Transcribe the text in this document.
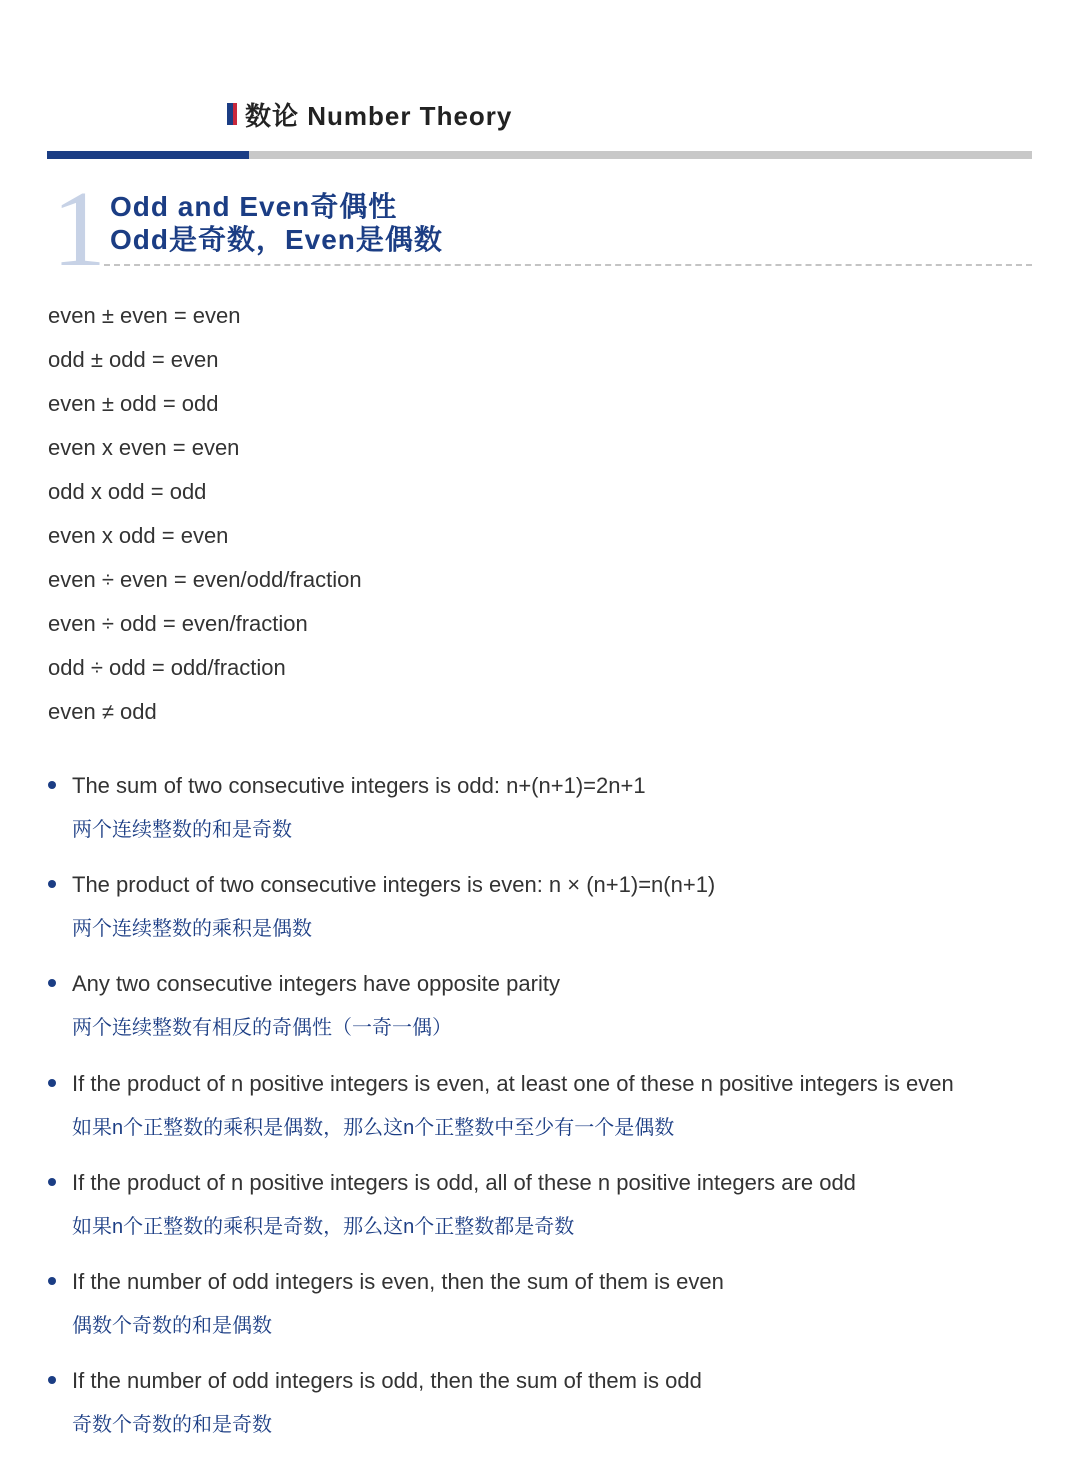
数论 Number Theory
1 Odd and Even奇偶性
Odd是奇数，Even是偶数
even ± even = even
odd ± odd = even
even ± odd = odd
even x even = even
odd x odd = odd
even x odd = even
even ÷ even = even/odd/fraction
even ÷ odd = even/fraction
odd ÷ odd = odd/fraction
even ≠ odd
The sum of two consecutive integers is odd: n+(n+1)=2n+1
两个连续整数的和是奇数
The product of two consecutive integers is even: n × (n+1)=n(n+1)
两个连续整数的乘积是偶数
Any two consecutive integers have opposite parity
两个连续整数有相反的奇偶性（一奇一偶）
If the product of n positive integers is even, at least one of these n positive integers is even
如果n个正整数的乘积是偶数，那么这n个正整数中至少有一个是偶数
If the product of n positive integers is odd, all of these n positive integers are odd
如果n个正整数的乘积是奇数，那么这n个正整数都是奇数
If the number of odd integers is even, then the sum of them is even
偶数个奇数的和是偶数
If the number of odd integers is odd, then the sum of them is odd
奇数个奇数的和是奇数
